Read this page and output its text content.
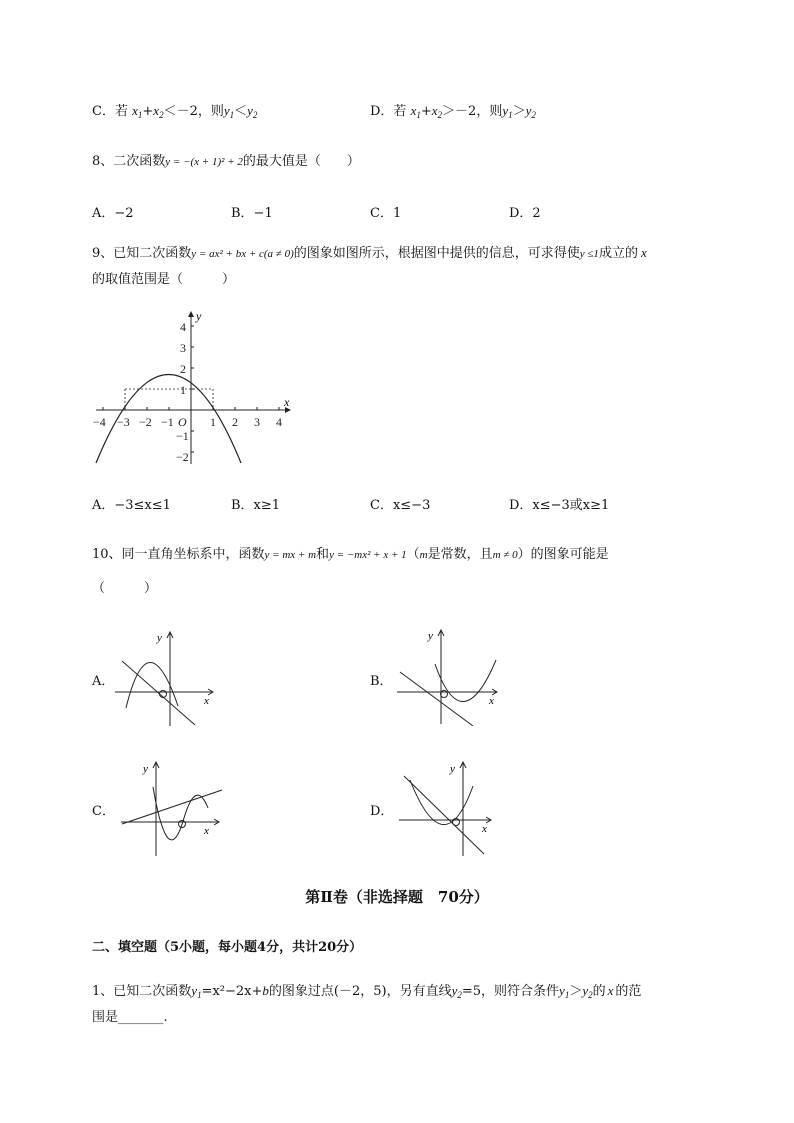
C．若 $x_1+x_2<-2$，则$y_1<y_2$	D．若 $x_1+x_2>-2$，则$y_1>y_2$
8、二次函数y = −(x + 1)² + 2的最大值是（　　）
A．−2	B．−1	C．1	D．2
9、已知二次函数y = ax² + bx + c(a ≠ 0)的图象如图所示，根据图中提供的信息，可求得使y ≤1成立的 x
的取值范围是（　　　）
−4 −3 −2 −1 O 1 2 3 4
4
3
2
1
−1
−2
x
y
A．−3≤x≤1	B．x≥1	C．x≤−3	D．x≤−3或x≥1
10、同一直角坐标系中，函数y = mx + m和y = −mx² + x + 1（m是常数，且m ≠ 0）的图象可能是
（　　　）
A．
x
y
B．
x
y
C．
x
y
D．
x
y
第Ⅱ卷（非选择题　70分）
二、填空题（5小题，每小题4分，共计20分）
1、已知二次函数$y_1=x^2-2x+b$的图象过点(－2，5)，另有直线$y_2=5$，则符合条件$y_1>y_2$的 x 的范
围是_______.
